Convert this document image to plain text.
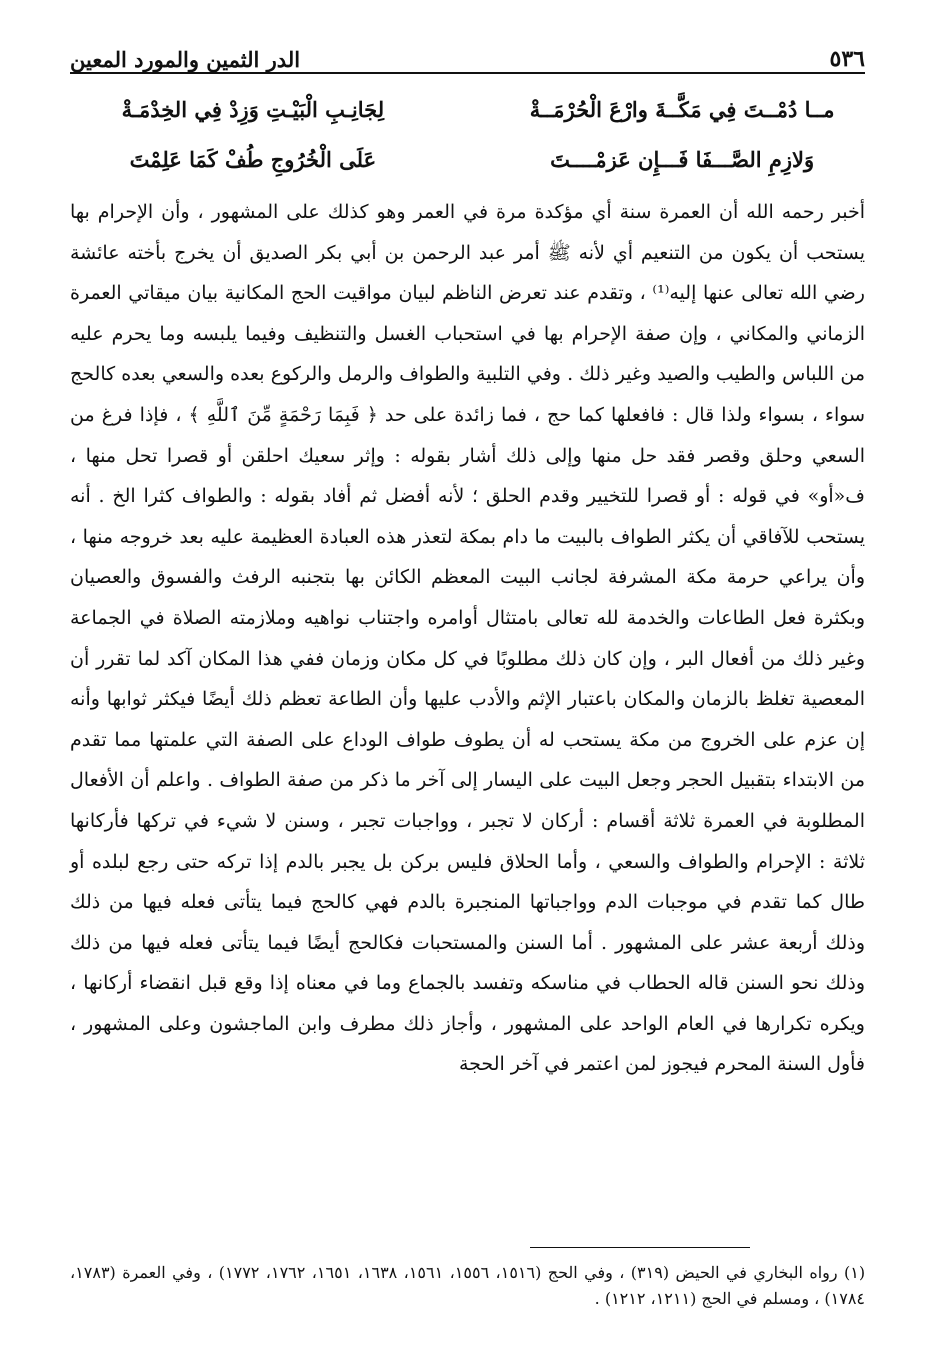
٥٣٦
الدر الثمين والمورد المعين
مــا دُمْــتَ فِي مَكَّــةَ وارْعَ الْحُرْمَــةْ
لِجَانِـبِ الْبَيْـتِ وَزِدْ فِي الخِدْمَـةْ
وَلازِمِ الصَّـــفَا فَـــإِن عَزمْــــتَ
عَلَى الْخُرُوجِ طُفْ كَمَا عَلِمْتَ

أخبر رحمه الله أن العمرة سنة أي مؤكدة مرة في العمر وهو كذلك على المشهور ، وأن الإحرام بها يستحب أن يكون من التنعيم أي لأنه ﷺ أمر عبد الرحمن بن أبي بكر الصديق أن يخرج بأخته عائشة رضي الله تعالى عنها إليه⁽¹⁾ ، وتقدم عند تعرض الناظم لبيان مواقيت الحج المكانية بيان ميقاتي العمرة الزماني والمكاني ، وإن صفة الإحرام بها في استحباب الغسل والتنظيف وفيما يلبسه وما يحرم عليه من اللباس والطيب والصيد وغير ذلك . وفي التلبية والطواف والرمل والركوع بعده والسعي بعده كالحج سواء ، بسواء ولذا قال : فافعلها كما حج ، فما زائدة على حد ﴿ فَبِمَا رَحْمَةٍ مِّنَ ٱللَّهِ ﴾ ، فإذا فرغ من السعي وحلق وقصر فقد حل منها وإلى ذلك أشار بقوله : وإثر سعيك احلقن أو قصرا تحل منها ، ف«أو» في قوله : أو قصرا للتخيير وقدم الحلق ؛ لأنه أفضل ثم أفاد بقوله : والطواف كثرا الخ . أنه يستحب للآفاقي أن يكثر الطواف بالبيت ما دام بمكة لتعذر هذه العبادة العظيمة عليه بعد خروجه منها ، وأن يراعي حرمة مكة المشرفة لجانب البيت المعظم الكائن بها بتجنبه الرفث والفسوق والعصيان وبكثرة فعل الطاعات والخدمة لله تعالى بامتثال أوامره واجتناب نواهيه وملازمته الصلاة في الجماعة وغير ذلك من أفعال البر ، وإن كان ذلك مطلوبًا في كل مكان وزمان ففي هذا المكان آكد لما تقرر أن المعصية تغلظ بالزمان والمكان باعتبار الإثم والأدب عليها وأن الطاعة تعظم ذلك أيضًا فيكثر ثوابها وأنه إن عزم على الخروج من مكة يستحب له أن يطوف طواف الوداع على الصفة التي علمتها مما تقدم من الابتداء بتقبيل الحجر وجعل البيت على اليسار إلى آخر ما ذكر من صفة الطواف . واعلم أن الأفعال المطلوبة في العمرة ثلاثة أقسام : أركان لا تجبر ، وواجبات تجبر ، وسنن لا شيء في تركها فأركانها ثلاثة : الإحرام والطواف والسعي ، وأما الحلاق فليس بركن بل يجبر بالدم إذا تركه حتى رجع لبلده أو طال كما تقدم في موجبات الدم وواجباتها المنجبرة بالدم فهي كالحج فيما يتأتى فعله فيها من ذلك وذلك أربعة عشر على المشهور . أما السنن والمستحبات فكالحج أيضًا فيما يتأتى فعله فيها من ذلك وذلك نحو السنن قاله الحطاب في مناسكه وتفسد بالجماع وما في معناه إذا وقع قبل انقضاء أركانها ، ويكره تكرارها في العام الواحد على المشهور ، وأجاز ذلك مطرف وابن الماجشون وعلى المشهور ، فأول السنة المحرم فيجوز لمن اعتمر في آخر الحجة

(١) رواه البخاري في الحيض (٣١٩) ، وفي الحج (١٥١٦، ١٥٥٦، ١٥٦١، ١٦٣٨، ١٦٥١، ١٧٦٢، ١٧٧٢) ، وفي العمرة (١٧٨٣، ١٧٨٤) ، ومسلم في الحج (١٢١١، ١٢١٢) .
